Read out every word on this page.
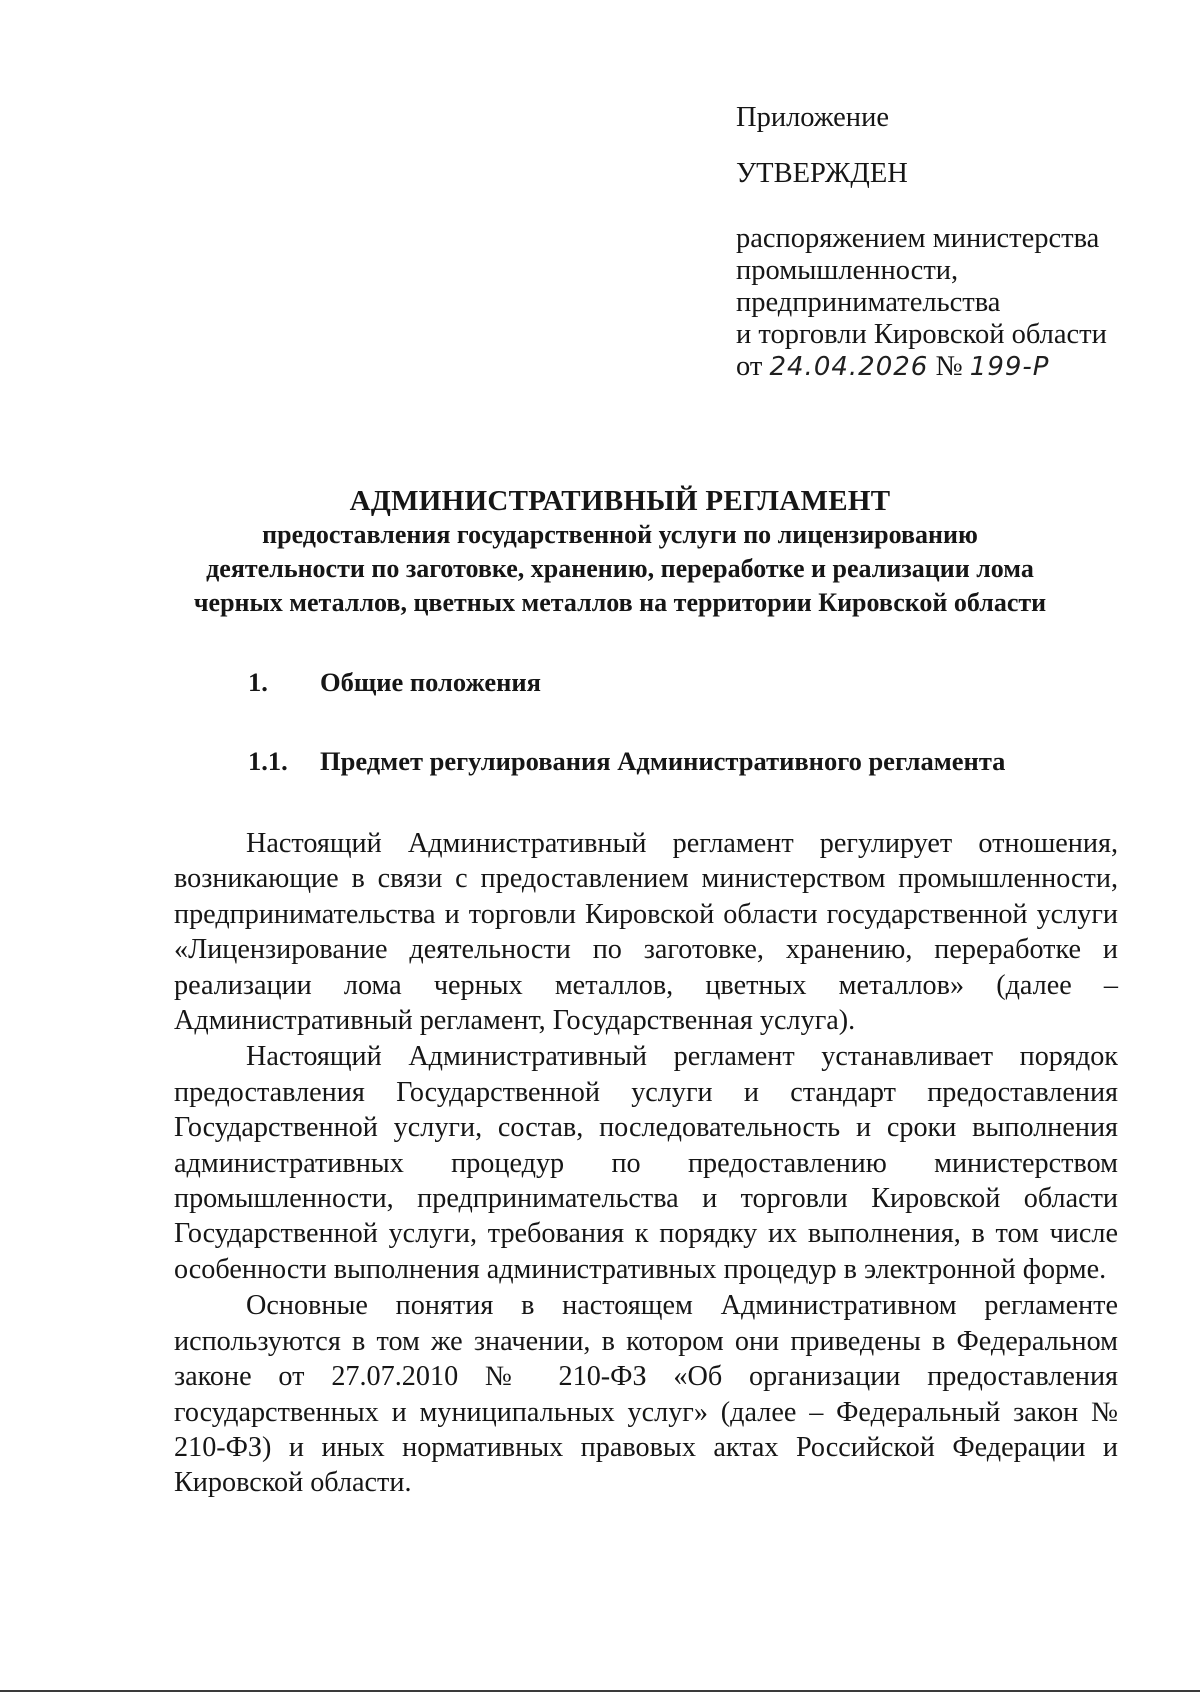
Приложение
УТВЕРЖДЕН
распоряжением министерства
промышленности,
предпринимательства
и торговли Кировской области
от 24.04.2026 № 199-Р
АДМИНИСТРАТИВНЫЙ РЕГЛАМЕНТ
предоставления государственной услуги по лицензированию
деятельности по заготовке, хранению, переработке и реализации лома
черных металлов, цветных металлов на территории Кировской области
1. Общие положения
1.1. Предмет регулирования Административного регламента

Настоящий Административный регламент регулирует отношения, возникающие в связи с предоставлением министерством промышленности, предпринимательства и торговли Кировской области государственной услуги «Лицензирование деятельности по заготовке, хранению, переработке и реализации лома черных металлов, цветных металлов» (далее – Административный регламент, Государственная услуга).

Настоящий Административный регламент устанавливает порядок предоставления Государственной услуги и стандарт предоставления Государственной услуги, состав, последовательность и сроки выполнения административных процедур по предоставлению министерством промышленности, предпринимательства и торговли Кировской области Государственной услуги, требования к порядку их выполнения, в том числе особенности выполнения административных процедур в электронной форме.

Основные понятия в настоящем Административном регламенте используются в том же значении, в котором они приведены в Федеральном законе от 27.07.2010 № 210-ФЗ «Об организации предоставления государственных и муниципальных услуг» (далее – Федеральный закон № 210-ФЗ) и иных нормативных правовых актах Российской Федерации и Кировской области.
